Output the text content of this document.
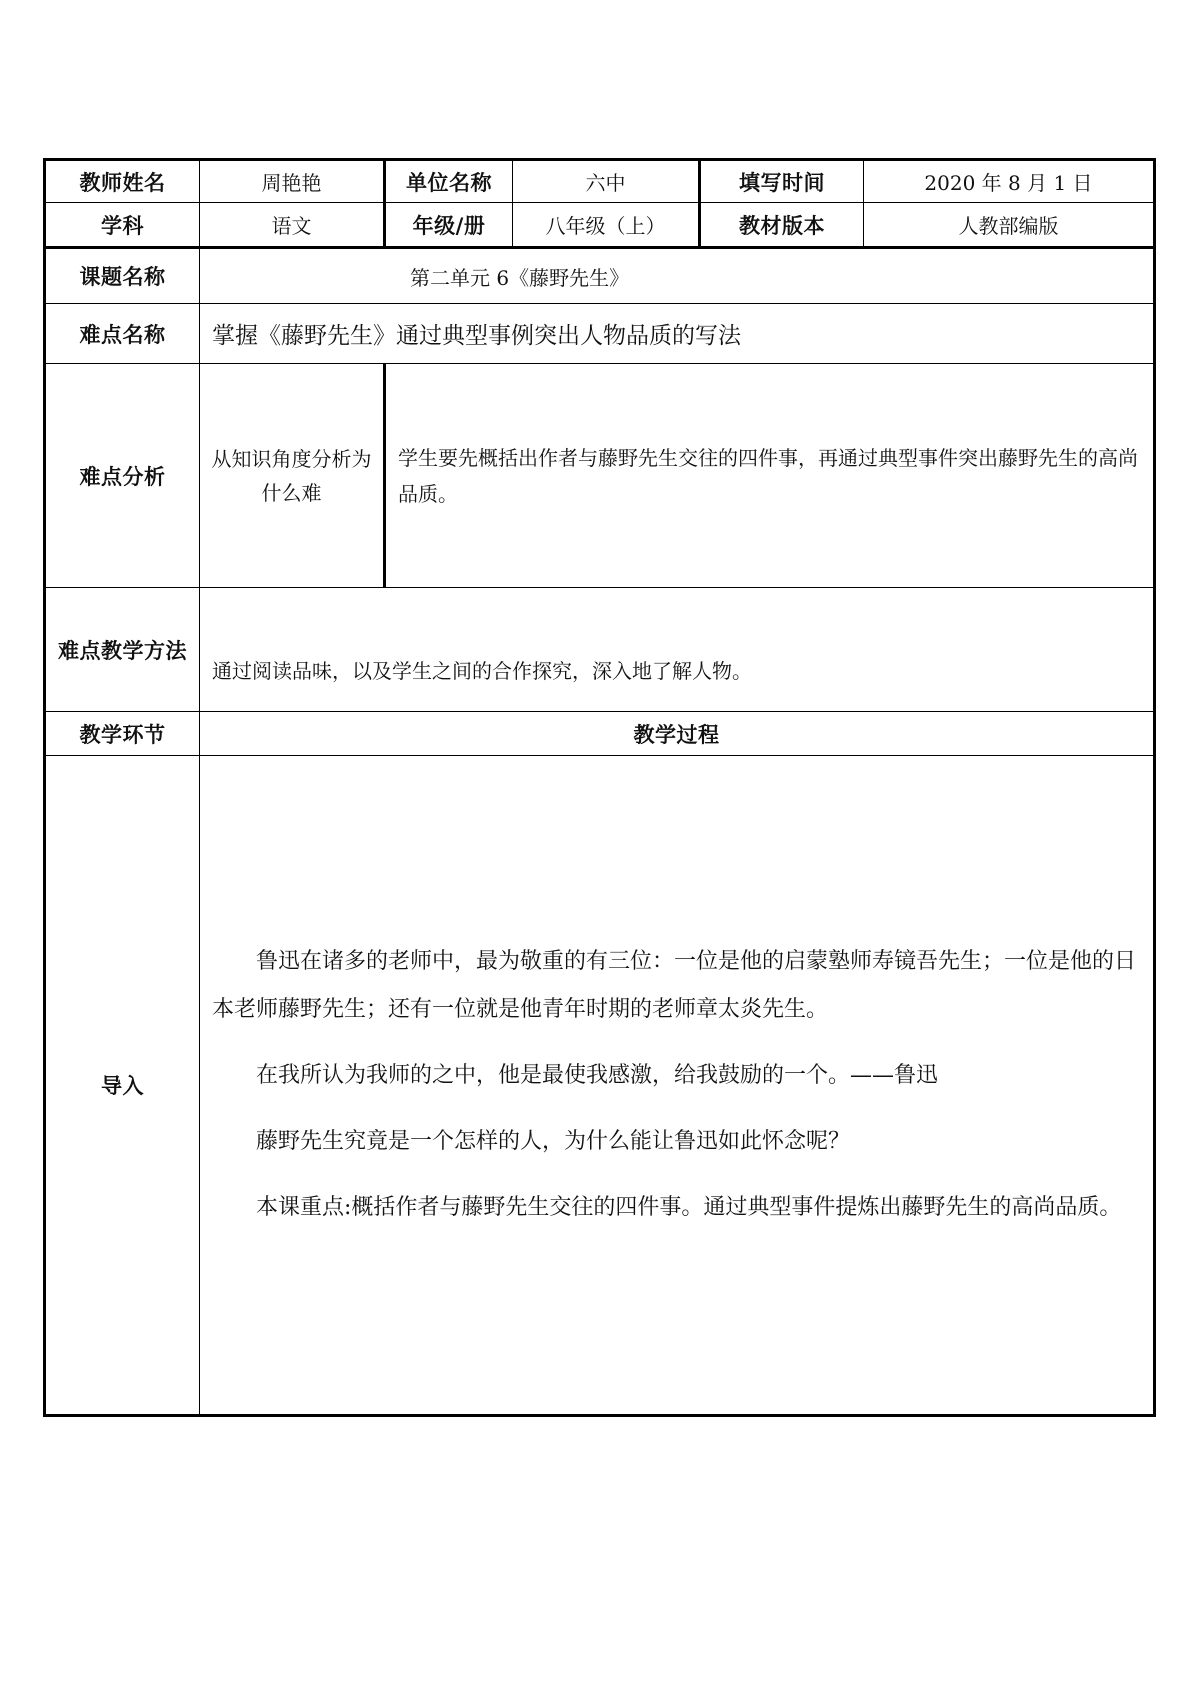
教师姓名	周艳艳	单位名称	六中	填写时间	2020 年 8 月 1 日
学科	语文	年级/册	八年级（上）	教材版本	人教部编版
课题名称	第二单元 6《藤野先生》				
难点名称	掌握《藤野先生》通过典型事例突出人物品质的写法				
难点分析	从知识角度分析为什么难	学生要先概括出作者与藤野先生交往的四件事，再通过典型事件突出藤野先生的高尚品质。			
难点教学方法	通过阅读品味，以及学生之间的合作探究，深入地了解人物。				
教学环节	教学过程				
导入	鲁迅在诸多的老师中，最为敬重的有三位：一位是他的启蒙塾师寿镜吾先生；一位是他的日本老师藤野先生；还有一位就是他青年时期的老师章太炎先生。

在我所认为我师的之中，他是最使我感激，给我鼓励的一个。——鲁迅

藤野先生究竟是一个怎样的人，为什么能让鲁迅如此怀念呢？

本课重点:概括作者与藤野先生交往的四件事。通过典型事件提炼出藤野先生的高尚品质。				
